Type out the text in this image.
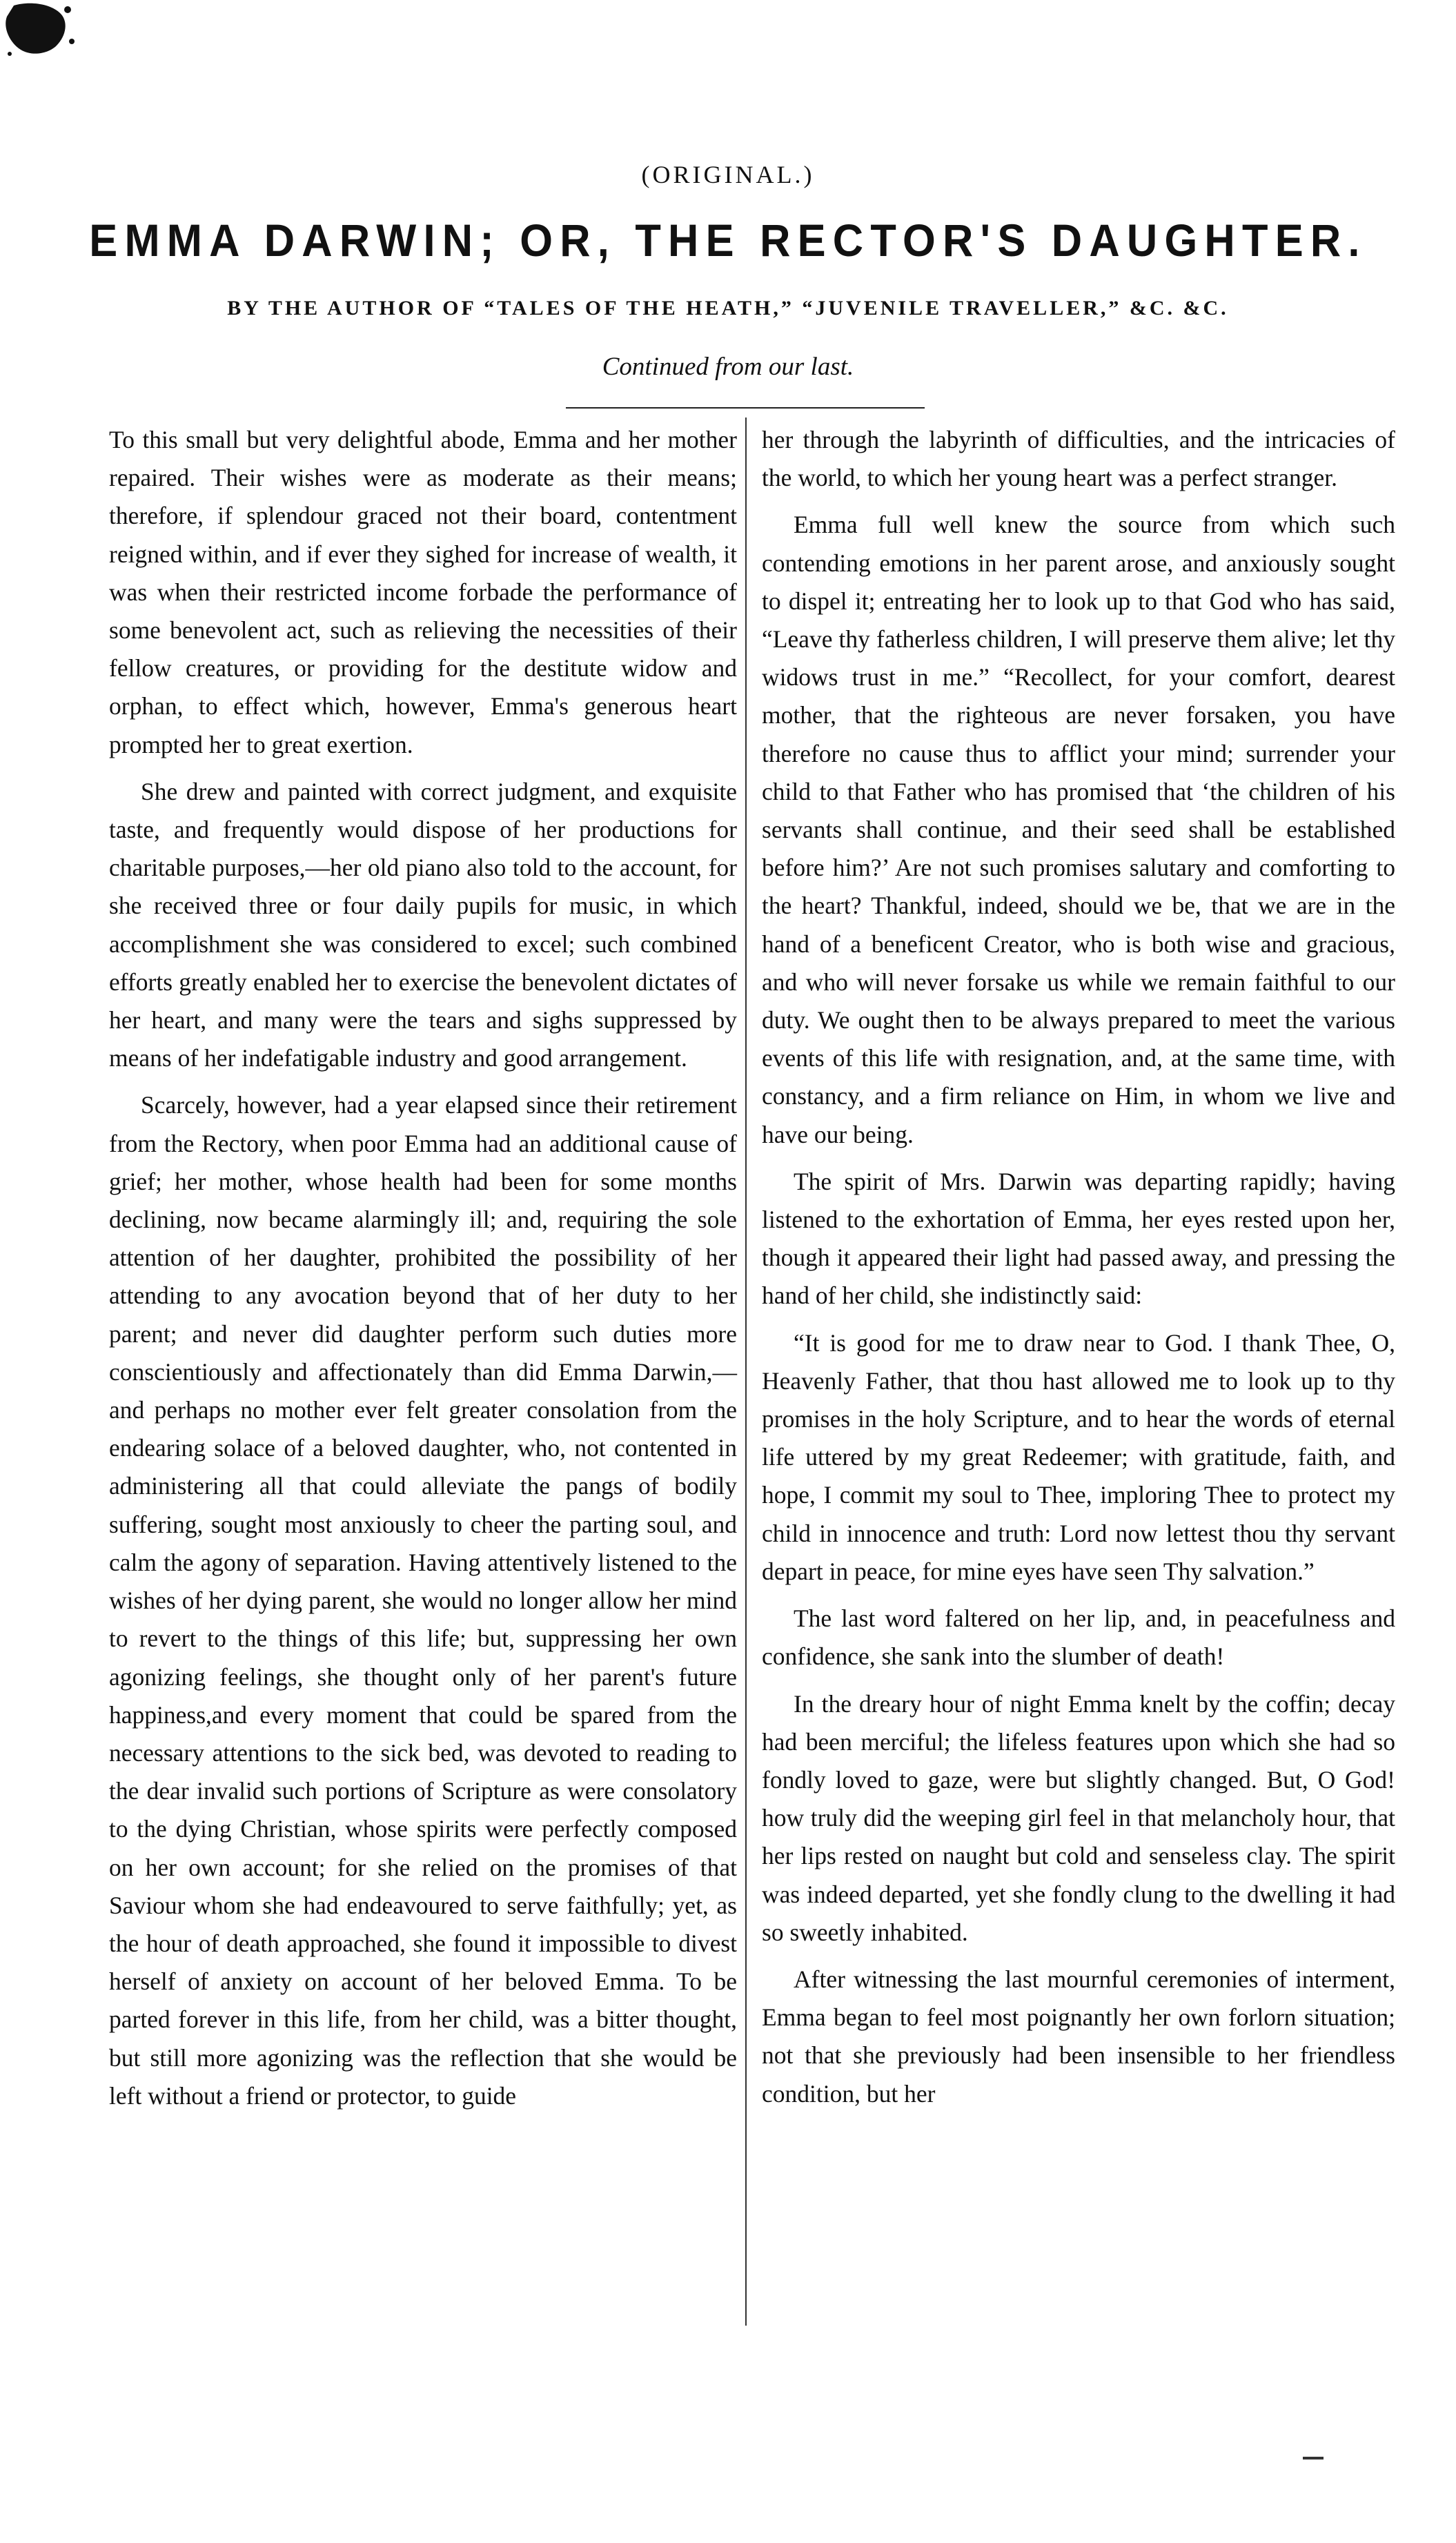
(ORIGINAL.)
EMMA DARWIN; OR, THE RECTOR'S DAUGHTER.
BY THE AUTHOR OF “TALES OF THE HEATH,” “JUVENILE TRAVELLER,” &C. &C.
Continued from our last.

To this small but very delightful abode, Emma and her mother repaired. Their wishes were as moderate as their means; therefore, if splendour graced not their board, contentment reigned within, and if ever they sighed for increase of wealth, it was when their restricted income forbade the performance of some benevolent act, such as relieving the necessities of their fellow creatures, or providing for the destitute widow and orphan, to effect which, however, Emma's generous heart prompted her to great exertion.

She drew and painted with correct judgment, and exquisite taste, and frequently would dispose of her productions for charitable purposes,—her old piano also told to the account, for she received three or four daily pupils for music, in which accomplishment she was considered to excel; such combined efforts greatly enabled her to exercise the benevolent dictates of her heart, and many were the tears and sighs suppressed by means of her indefatigable industry and good arrangement.

Scarcely, however, had a year elapsed since their retirement from the Rectory, when poor Emma had an additional cause of grief; her mother, whose health had been for some months declining, now became alarmingly ill; and, requiring the sole attention of her daughter, prohibited the possibility of her attending to any avocation beyond that of her duty to her parent; and never did daughter perform such duties more conscientiously and affectionately than did Emma Darwin,—and perhaps no mother ever felt greater consolation from the endearing solace of a beloved daughter, who, not contented in administering all that could alleviate the pangs of bodily suffering, sought most anxiously to cheer the parting soul, and calm the agony of separation. Having attentively listened to the wishes of her dying parent, she would no longer allow her mind to revert to the things of this life; but, suppressing her own agonizing feelings, she thought only of her parent's future happiness,and every moment that could be spared from the necessary attentions to the sick bed, was devoted to reading to the dear invalid such portions of Scripture as were consolatory to the dying Christian, whose spirits were perfectly composed on her own account; for she relied on the promises of that Saviour whom she had endeavoured to serve faithfully; yet, as the hour of death approached, she found it impossible to divest herself of anxiety on account of her beloved Emma. To be parted forever in this life, from her child, was a bitter thought, but still more agonizing was the reflection that she would be left without a friend or protector, to guide

her through the labyrinth of difficulties, and the intricacies of the world, to which her young heart was a perfect stranger.

Emma full well knew the source from which such contending emotions in her parent arose, and anxiously sought to dispel it; entreating her to look up to that God who has said, “Leave thy fatherless children, I will preserve them alive; let thy widows trust in me.” “Recollect, for your comfort, dearest mother, that the righteous are never forsaken, you have therefore no cause thus to afflict your mind; surrender your child to that Father who has promised that ‘the children of his servants shall continue, and their seed shall be established before him?’ Are not such promises salutary and comforting to the heart? Thankful, indeed, should we be, that we are in the hand of a beneficent Creator, who is both wise and gracious, and who will never forsake us while we remain faithful to our duty. We ought then to be always prepared to meet the various events of this life with resignation, and, at the same time, with constancy, and a firm reliance on Him, in whom we live and have our being.

The spirit of Mrs. Darwin was departing rapidly; having listened to the exhortation of Emma, her eyes rested upon her, though it appeared their light had passed away, and pressing the hand of her child, she indistinctly said:

“It is good for me to draw near to God. I thank Thee, O, Heavenly Father, that thou hast allowed me to look up to thy promises in the holy Scripture, and to hear the words of eternal life uttered by my great Redeemer; with gratitude, faith, and hope, I commit my soul to Thee, imploring Thee to protect my child in innocence and truth: Lord now lettest thou thy servant depart in peace, for mine eyes have seen Thy salvation.”

The last word faltered on her lip, and, in peacefulness and confidence, she sank into the slumber of death!

In the dreary hour of night Emma knelt by the coffin; decay had been merciful; the lifeless features upon which she had so fondly loved to gaze, were but slightly changed. But, O God! how truly did the weeping girl feel in that melancholy hour, that her lips rested on naught but cold and senseless clay. The spirit was indeed departed, yet she fondly clung to the dwelling it had so sweetly inhabited.

After witnessing the last mournful ceremonies of interment, Emma began to feel most poignantly her own forlorn situation; not that she previously had been insensible to her friendless condition, but her
